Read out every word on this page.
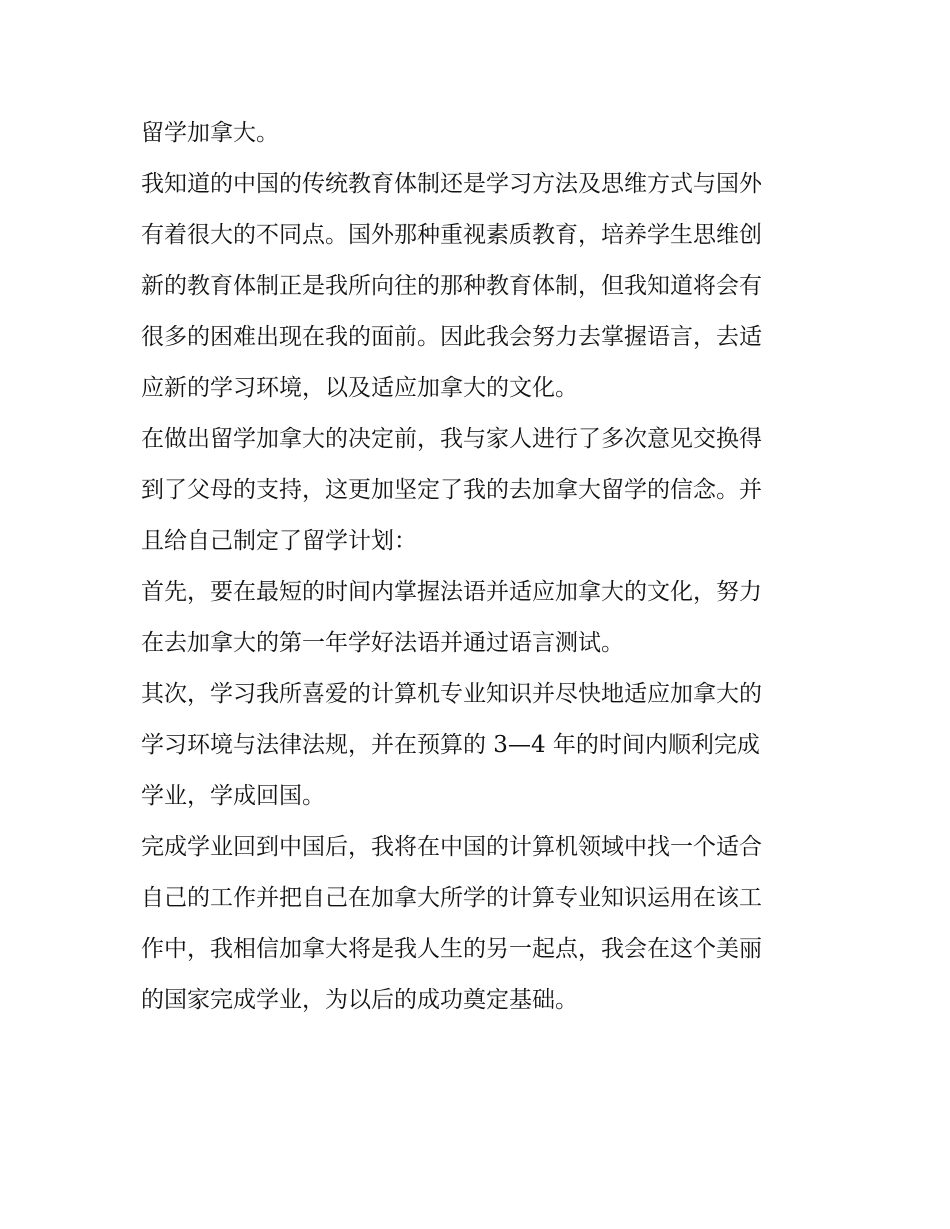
留学加拿大。

我知道的中国的传统教育体制还是学习方法及思维方式与国外
有着很大的不同点。国外那种重视素质教育，培养学生思维创
新的教育体制正是我所向往的那种教育体制，但我知道将会有
很多的困难出现在我的面前。因此我会努力去掌握语言，去适
应新的学习环境，以及适应加拿大的文化。

在做出留学加拿大的决定前，我与家人进行了多次意见交换得
到了父母的支持，这更加坚定了我的去加拿大留学的信念。并
且给自己制定了留学计划：

首先，要在最短的时间内掌握法语并适应加拿大的文化，努力
在去加拿大的第一年学好法语并通过语言测试。

其次，学习我所喜爱的计算机专业知识并尽快地适应加拿大的
学习环境与法律法规，并在预算的 3—4 年的时间内顺利完成
学业，学成回国。

完成学业回到中国后，我将在中国的计算机领域中找一个适合
自己的工作并把自己在加拿大所学的计算专业知识运用在该工
作中，我相信加拿大将是我人生的另一起点，我会在这个美丽
的国家完成学业，为以后的成功奠定基础。
